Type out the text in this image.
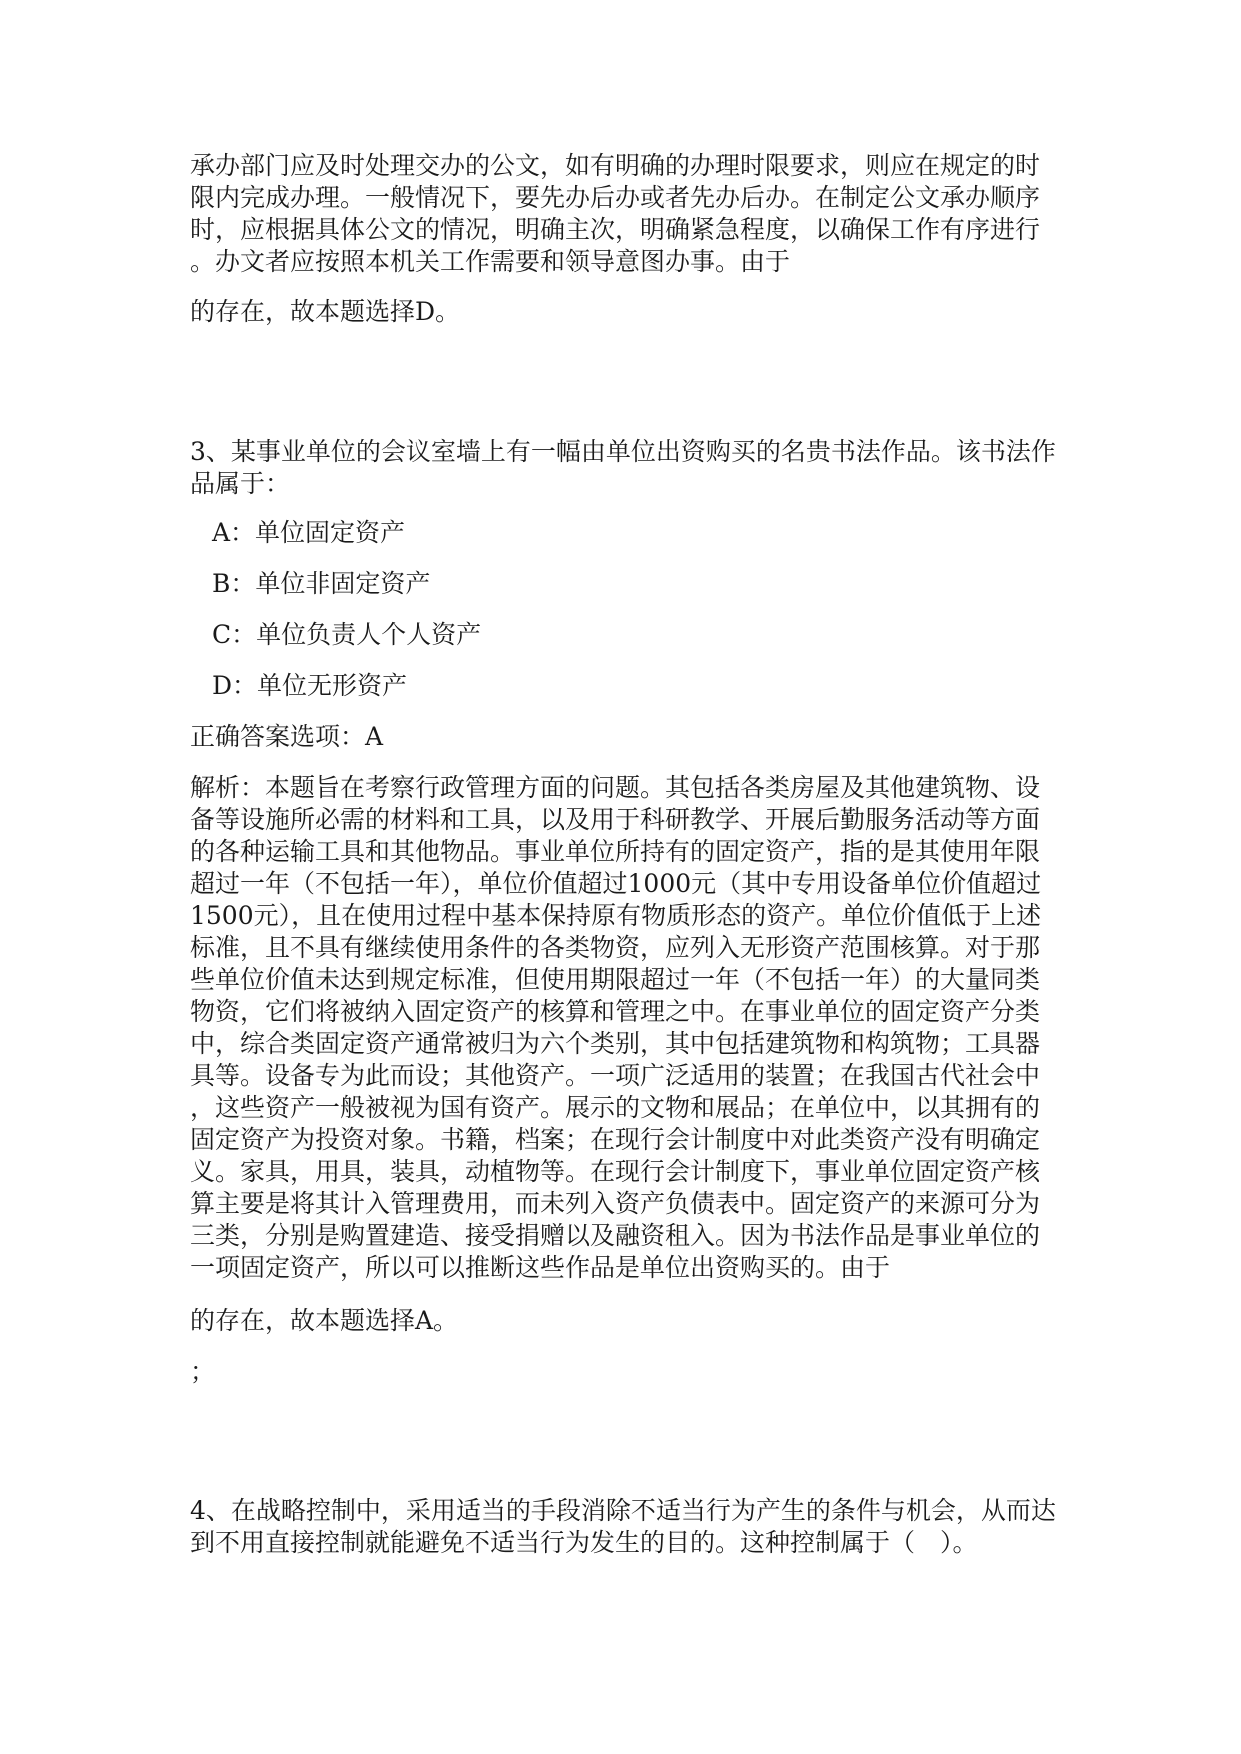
承办部门应及时处理交办的公文，如有明确的办理时限要求，则应在规定的时
限内完成办理。一般情况下，要先办后办或者先办后办。在制定公文承办顺序
时，应根据具体公文的情况，明确主次，明确紧急程度，以确保工作有序进行
。办文者应按照本机关工作需要和领导意图办事。由于

的存在，故本题选择D。

3、某事业单位的会议室墙上有一幅由单位出资购买的名贵书法作品。该书法作
品属于：

A：单位固定资产

B：单位非固定资产

C：单位负责人个人资产

D：单位无形资产

正确答案选项：A

解析：本题旨在考察行政管理方面的问题。其包括各类房屋及其他建筑物、设
备等设施所必需的材料和工具，以及用于科研教学、开展后勤服务活动等方面
的各种运输工具和其他物品。事业单位所持有的固定资产，指的是其使用年限
超过一年（不包括一年），单位价值超过1000元（其中专用设备单位价值超过
1500元），且在使用过程中基本保持原有物质形态的资产。单位价值低于上述
标准，且不具有继续使用条件的各类物资，应列入无形资产范围核算。对于那
些单位价值未达到规定标准，但使用期限超过一年（不包括一年）的大量同类
物资，它们将被纳入固定资产的核算和管理之中。在事业单位的固定资产分类
中，综合类固定资产通常被归为六个类别，其中包括建筑物和构筑物；工具器
具等。设备专为此而设；其他资产。一项广泛适用的装置；在我国古代社会中
，这些资产一般被视为国有资产。展示的文物和展品；在单位中，以其拥有的
固定资产为投资对象。书籍，档案；在现行会计制度中对此类资产没有明确定
义。家具，用具，装具，动植物等。在现行会计制度下，事业单位固定资产核
算主要是将其计入管理费用，而未列入资产负债表中。固定资产的来源可分为
三类，分别是购置建造、接受捐赠以及融资租入。因为书法作品是事业单位的
一项固定资产，所以可以推断这些作品是单位出资购买的。由于

的存在，故本题选择A。

；

4、在战略控制中，采用适当的手段消除不适当行为产生的条件与机会，从而达
到不用直接控制就能避免不适当行为发生的目的。这种控制属于（　）。
